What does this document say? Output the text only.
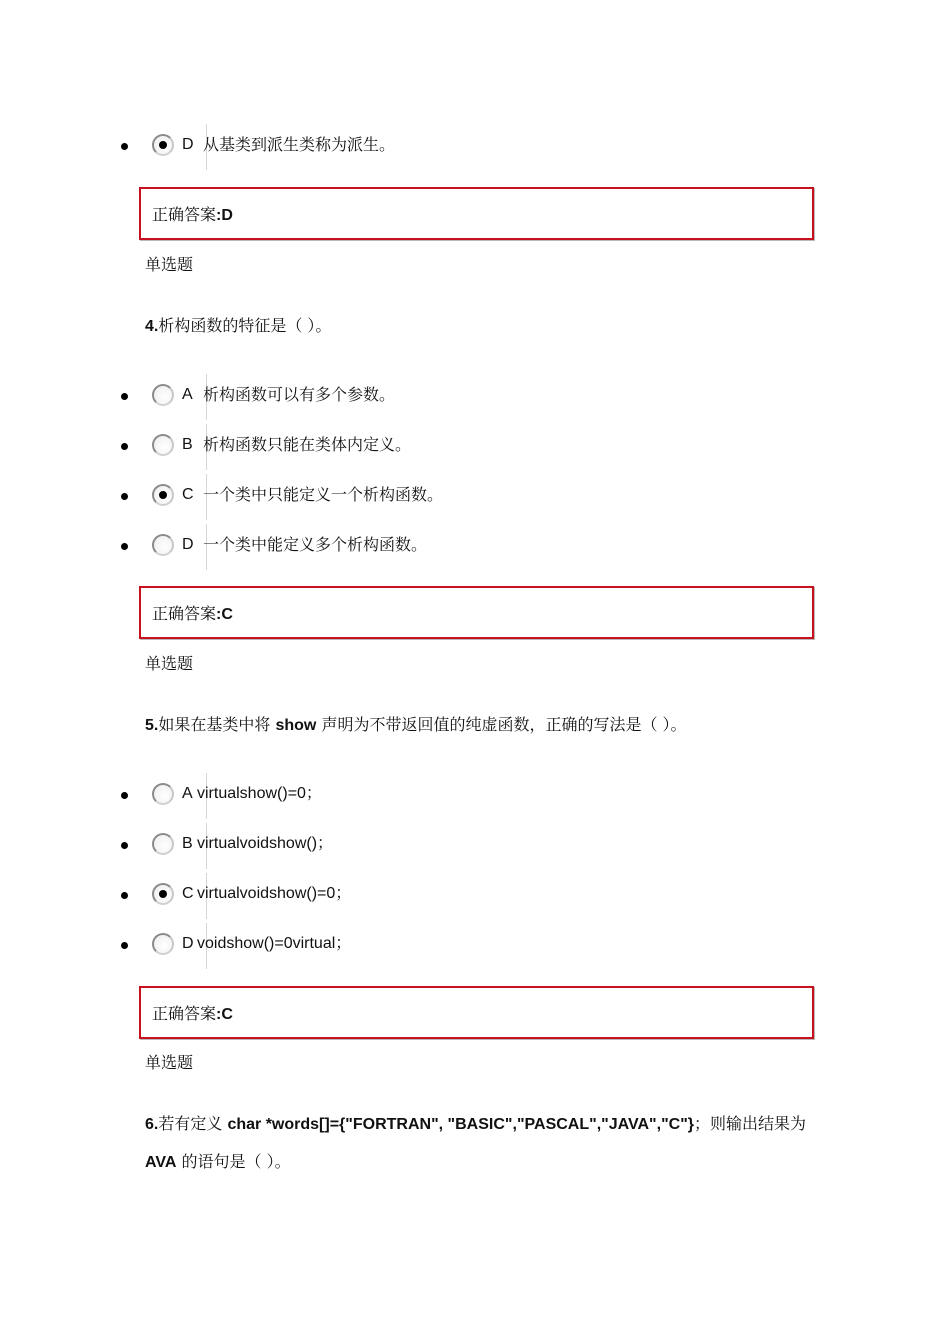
D 从基类到派生类称为派生。
正确答案:D
单选题
4.析构函数的特征是（ ）。
A 析构函数可以有多个参数。
B 析构函数只能在类体内定义。
C 一个类中只能定义一个析构函数。
D 一个类中能定义多个析构函数。
正确答案:C
单选题
5.如果在基类中将 show 声明为不带返回值的纯虚函数，正确的写法是（ ）。
A virtualshow()=0；
B virtualvoidshow()；
C virtualvoidshow()=0；
D voidshow()=0virtual；
正确答案:C
单选题
6.若有定义 char *words[]={"FORTRAN", "BASIC","PASCAL","JAVA","C"}；则输出结果为 AVA 的语句是（ ）。
